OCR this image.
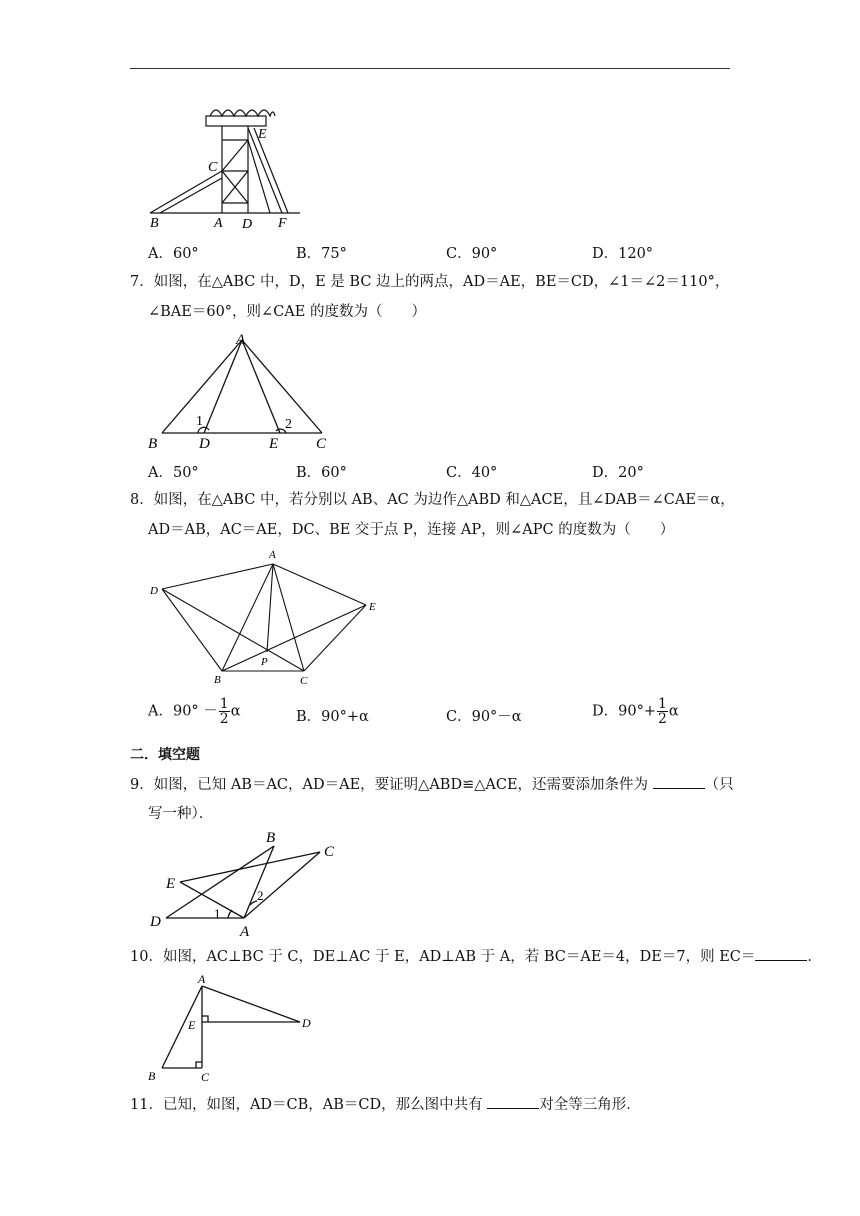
B	A D F
C
E
A．60°	B．75°	C．90°	D．120°
7．如图，在△ABC 中，D，E 是 BC 边上的两点，AD＝AE，BE＝CD，∠1＝∠2＝110°，
∠BAE＝60°，则∠CAE 的度数为（　　）
A
B	C
D	E
1	2
A．50°	B．60°	C．40°	D．20°
8．如图，在△ABC 中，若分别以 AB、AC 为边作△ABD 和△ACE，且∠DAB＝∠CAE＝α，
AD＝AB，AC＝AE，DC、BE 交于点 P，连接 AP，则∠APC 的度数为（　　）
A
D
E
B	C
P
A．$90^\circ - \frac{1}{2}$ α	B．90°+α	C．90°－α	D．$90^\circ+ \frac{1}{2}$ α
二．填空题
9．如图，已知 AB＝AC，AD＝AE，要证明△ABD≌△ACE，还需要添加条件为	（只
写一种）．
B
C
E
D
A
1
2
10．如图，AC⊥BC 于 C，DE⊥AC 于 E，AD⊥AB 于 A，若 BC＝AE＝4，DE＝7，则 EC＝	．
A
E	D
B	C
11．已知，如图，AD＝CB，AB＝CD，那么图中共有	对全等三角形．
